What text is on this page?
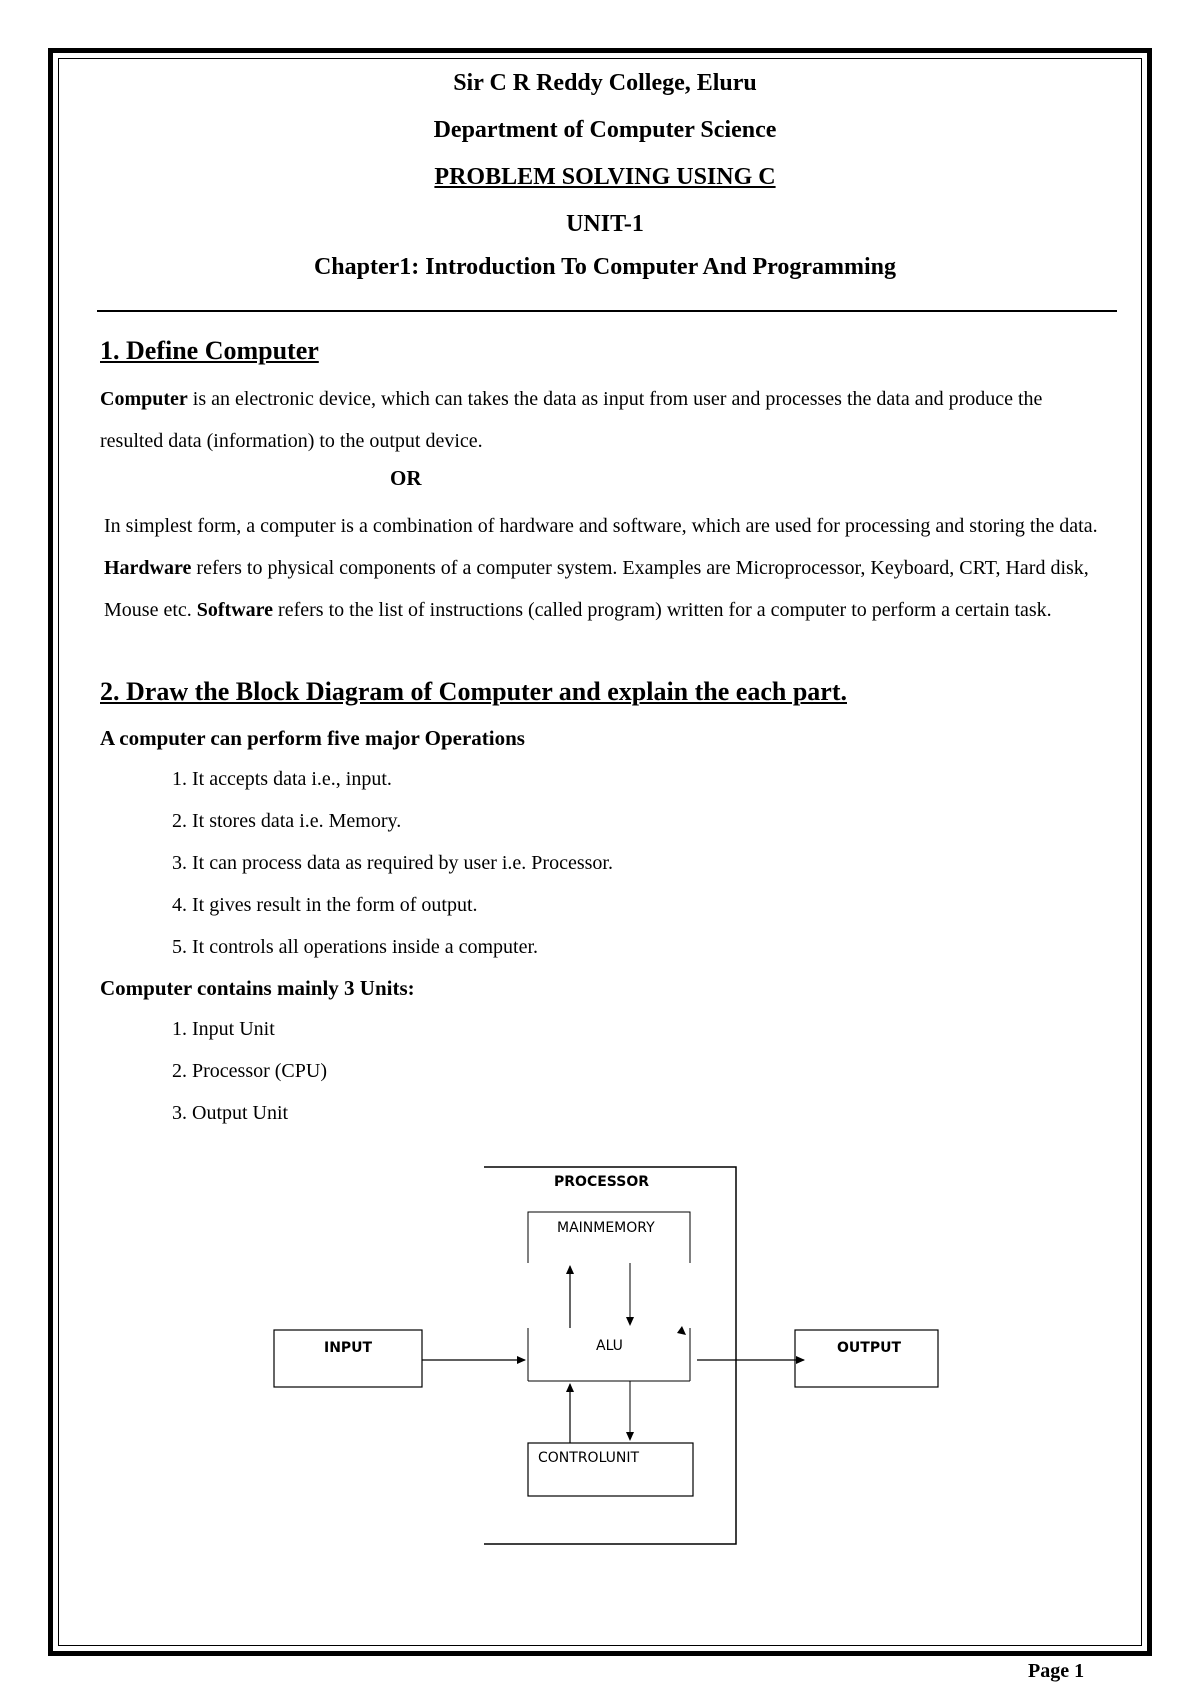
Sir C R Reddy College, Eluru

Department of Computer Science

PROBLEM SOLVING USING C

UNIT-1

Chapter1: Introduction To Computer And Programming

1. Define Computer

Computer is an electronic device, which can takes the data as input from user and processes the data and produce the resulted data (information) to the output device.

OR

In simplest form, a computer is a combination of hardware and software, which are used for processing and storing the data. Hardware refers to physical components of a computer system. Examples are Microprocessor, Keyboard, CRT, Hard disk, Mouse etc. Software refers to the list of instructions (called program) written for a computer to perform a certain task.

2. Draw the Block Diagram of Computer and explain the each part.

A computer can perform five major Operations

1. It accepts data i.e., input.
2. It stores data i.e. Memory.
3. It can process data as required by user i.e. Processor.
4. It gives result in the form of output.
5. It controls all operations inside a computer.

Computer contains mainly 3 Units:

1. Input Unit
2. Processor (CPU)
3. Output Unit
PROCESSOR
MAINMEMORY
ALU
CONTROLUNIT
INPUT	OUTPUT

Page 1
